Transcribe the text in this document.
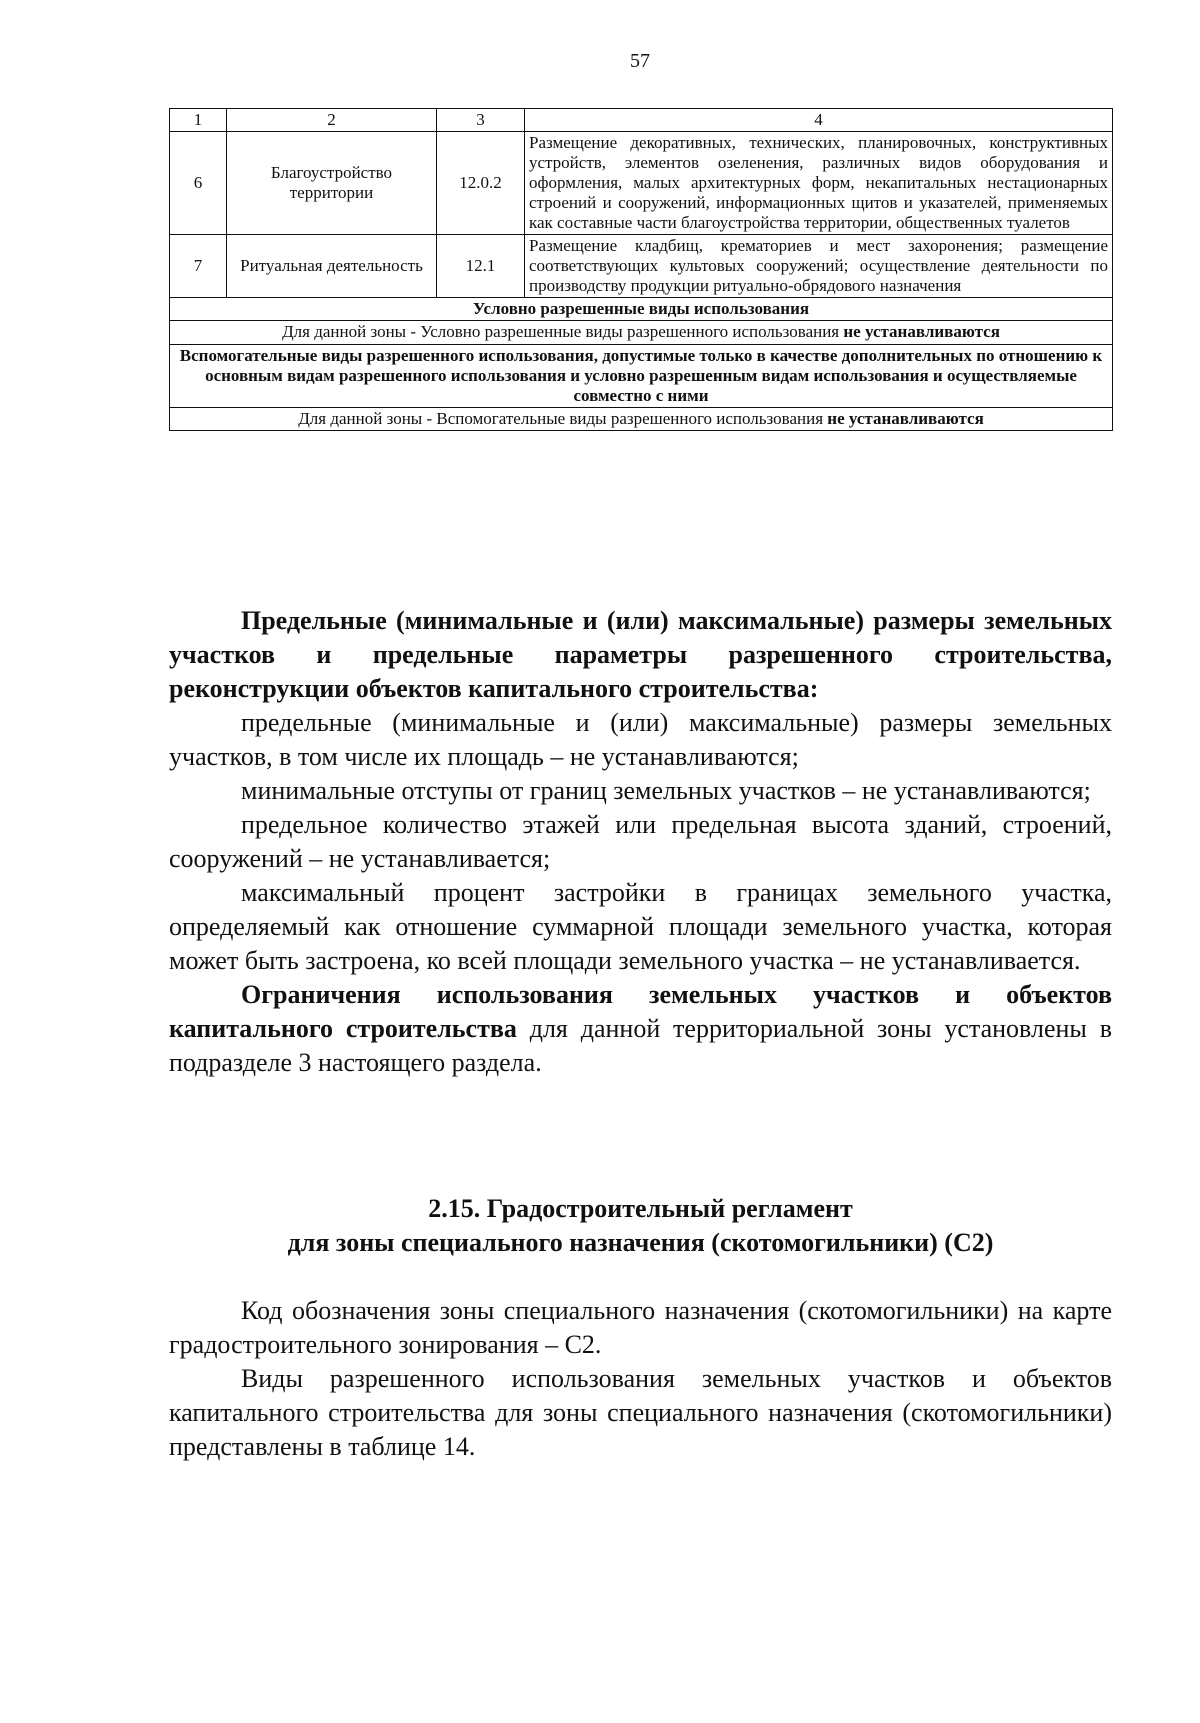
57
1	2	3	4
6	Благоустройство территории	12.0.2	Размещение декоративных, технических, планировочных, конструктивных устройств, элементов озеленения, различных видов оборудования и оформления, малых архитектурных форм, некапитальных нестационарных строений и сооружений, информационных щитов и указателей, применяемых как составные части благоустройства территории, общественных туалетов
7	Ритуальная деятельность	12.1	Размещение кладбищ, крематориев и мест захоронения; размещение соответствующих культовых сооружений; осуществление деятельности по производству продукции ритуально-обрядового назначения
Условно разрешенные виды использования			
Для данной зоны - Условно разрешенные виды разрешенного использования не устанавливаются			
Вспомогательные виды разрешенного использования, допустимые только в качестве дополнительных по отношению к основным видам разрешенного использования и условно разрешенным видам использования и осуществляемые совместно с ними			
Для данной зоны - Вспомогательные виды разрешенного использования не устанавливаются			

Предельные (минимальные и (или) максимальные) размеры земельных участков и предельные параметры разрешенного строительства, реконструкции объектов капитального строительства:

предельные (минимальные и (или) максимальные) размеры земельных участков, в том числе их площадь – не устанавливаются;

минимальные отступы от границ земельных участков – не устанавливаются;

предельное количество этажей или предельная высота зданий, строений, сооружений – не устанавливается;

максимальный процент застройки в границах земельного участка, определяемый как отношение суммарной площади земельного участка, которая может быть застроена, ко всей площади земельного участка – не устанавливается.

Ограничения использования земельных участков и объектов капитального строительства для данной территориальной зоны установлены в подразделе 3 настоящего раздела.

2.15. Градостроительный регламент

для зоны специального назначения (скотомогильники) (С2)

Код обозначения зоны специального назначения (скотомогильники) на карте градостроительного зонирования – С2.

Виды разрешенного использования земельных участков и объектов капитального строительства для зоны специального назначения (скотомогильники) представлены в таблице 14.
